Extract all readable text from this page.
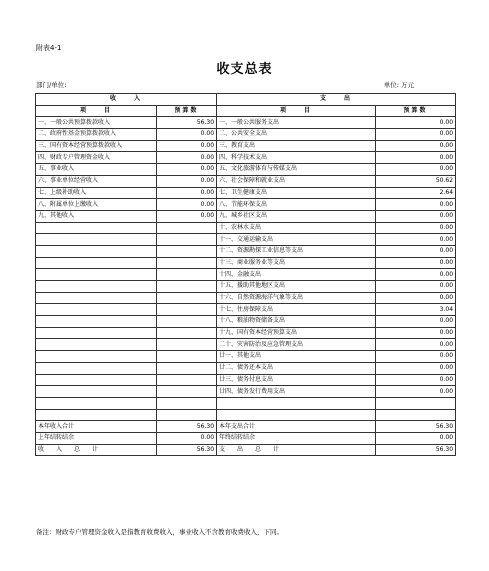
附表4-1
收支总表
部门/单位:	单位: 万元
收　　入		支　　出	
项　　目	预算数	项　　目	预算数
一、一般公共预算拨款收入	56.30	一、一般公共服务支出	0.00
二、政府性基金预算拨款收入	0.00	二、公共安全支出	0.00
三、国有资本经营预算拨款收入	0.00	三、教育支出	0.00
四、财政专户管理资金收入	0.00	四、科学技术支出	0.00
五、事业收入	0.00	五、文化旅游体育与传媒支出	0.00
六、事业单位经营收入	0.00	六、社会保障和就业支出	50.62
七、上级补助收入	0.00	七、卫生健康支出	2.64
八、附属单位上缴收入	0.00	八、节能环保支出	0.00
九、其他收入	0.00	九、城乡社区支出	0.00
		十、农林水支出	0.00
		十一、交通运输支出	0.00
		十二、资源勘探工业信息等支出	0.00
		十三、商业服务业等支出	0.00
		十四、金融支出	0.00
		十五、援助其他地区支出	0.00
		十六、自然资源海洋气象等支出	0.00
		十七、住房保障支出	3.04
		十八、粮油物资储备支出	0.00
		十九、国有资本经营预算支出	0.00
		二十、灾害防治及应急管理支出	0.00
		廿一、其他支出	0.00
		廿二、债务还本支出	0.00
		廿三、债务付息支出	0.00
		廿四、债务发行费用支出	0.00

本年收入合计	56.30	本年支出合计	56.30
上年结转结余	0.00	年终结转结余	0.00
收　　入　　总　　计	56.30	支　　出　　总　　计	56.30
备注：财政专户管理资金收入是指教育收费收入，事业收入不含教育收费收入，下同。
